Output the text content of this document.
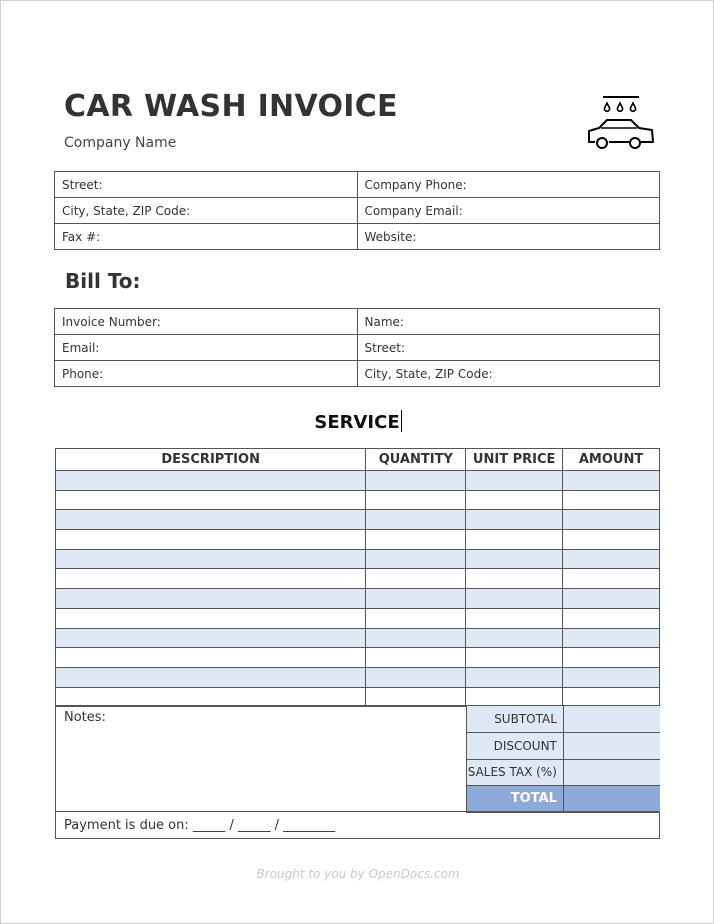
CAR WASH INVOICE
Company Name
Street:	Company Phone:
City, State, ZIP Code:	Company Email:
Fax #:	Website:
Bill To:
Invoice Number:	Name:
Email:	Street:
Phone:	City, State, ZIP Code:
SERVICE
DESCRIPTION	QUANTITY	UNIT PRICE	AMOUNT

Notes:	SUBTOTAL	
DISCOUNT	
SALES TAX (%)	
TOTAL	
Payment is due on: _____ / _____ / ________
Brought to you by OpenDocs.com
